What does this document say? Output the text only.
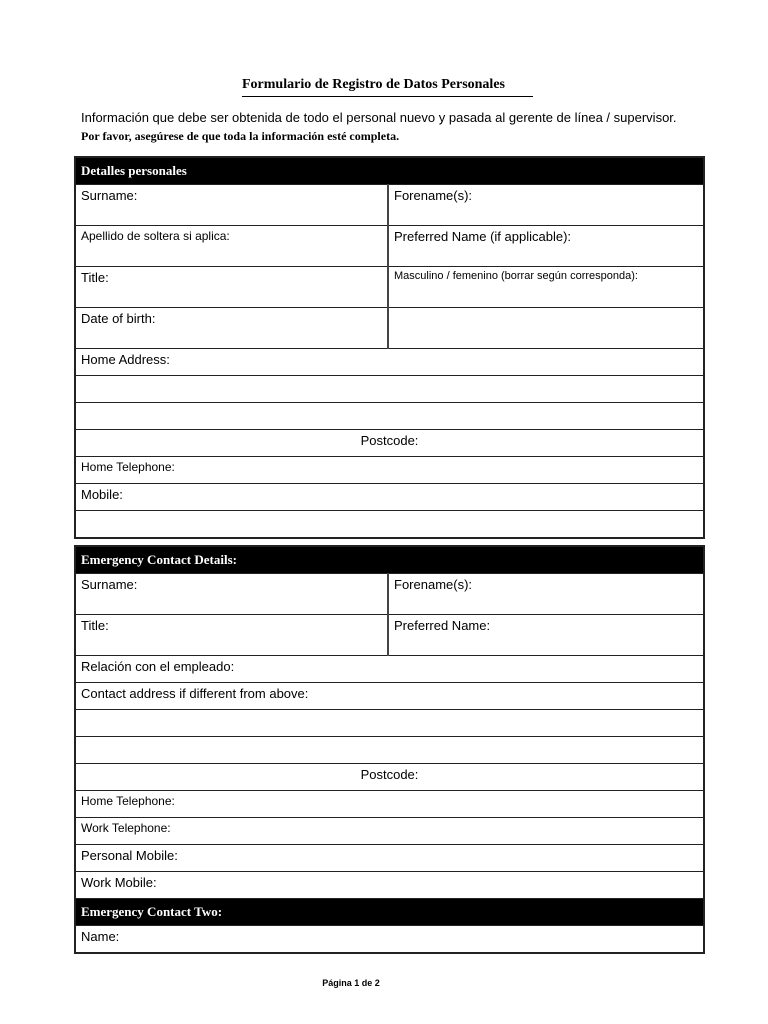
Formulario de Registro de Datos Personales
Información que debe ser obtenida de todo el personal nuevo y pasada al gerente de línea / supervisor.
Por favor, asegúrese de que toda la información esté completa.
Detalles personales	
Surname:	Forename(s):
Apellido de soltera si aplica:	Preferred Name (if applicable):
Title:	Masculino / femenino (borrar según corresponda):
Date of birth:	
Home Address:	

Postcode:	
Home Telephone:	
Mobile:	

Emergency Contact Details:	
Surname:	Forename(s):
Title:	Preferred Name:
Relación con el empleado:	
Contact address if different from above:	

Postcode:	
Home Telephone:	
Work Telephone:	
Personal Mobile:	
Work Mobile:	
Emergency Contact Two:	
Name:	
Página 1 de 2
